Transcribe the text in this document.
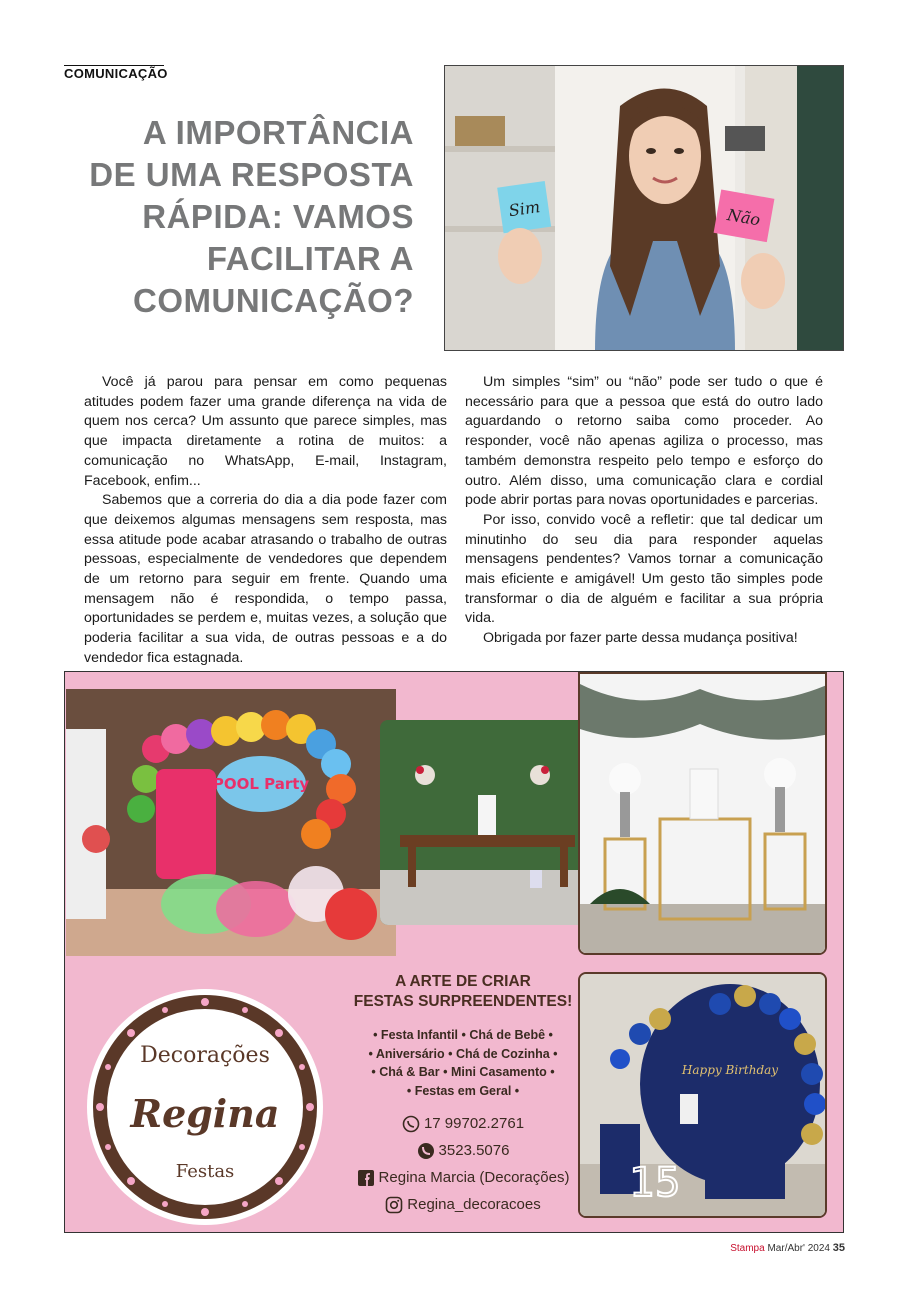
COMUNICAÇÃO
A IMPORTÂNCIA
DE UMA RESPOSTA
RÁPIDA: VAMOS
FACILITAR A
COMUNICAÇÃO?
Sim	Não

Você já parou para pensar em como pequenas atitudes podem fazer uma grande diferença na vida de quem nos cerca? Um assunto que parece simples, mas que impacta diretamente a rotina de muitos: a comunicação no WhatsApp, E-mail, Instagram, Facebook, enfim...

Sabemos que a correria do dia a dia pode fazer com que deixemos algumas mensagens sem resposta, mas essa atitude pode acabar atrasando o trabalho de outras pessoas, especialmente de vendedores que dependem de um retorno para seguir em frente. Quando uma mensagem não é respondida, o tempo passa, oportunidades se perdem e, muitas vezes, a solução que poderia facilitar a sua vida, de outras pessoas e a do vendedor fica estagnada.

Um simples “sim” ou “não” pode ser tudo o que é necessário para que a pessoa que está do outro lado aguardando o retorno saiba como proceder. Ao responder, você não apenas agiliza o processo, mas também demonstra respeito pelo tempo e esforço do outro. Além disso, uma comunicação clara e cordial pode abrir portas para novas oportunidades e parcerias.

Por isso, convido você a refletir: que tal dedicar um minutinho do seu dia para responder aquelas mensagens pendentes? Vamos tornar a comunicação mais eficiente e amigável! Um gesto tão simples pode transformar o dia de alguém e facilitar a sua própria vida.

Obrigada por fazer parte dessa mudança positiva!

POOL Party
Happy Birthday
15
Decorações
Regina
Festas
A ARTE DE CRIAR
FESTAS SURPREENDENTES!
• Festa Infantil • Chá de Bebê •
• Aniversário • Chá de Cozinha •
• Chá & Bar • Mini Casamento •
• Festas em Geral •
17 99702.2761
3523.5076
Regina Marcia (Decorações)
Regina_decoracoes
Stampa Mar/Abr' 2024 35
